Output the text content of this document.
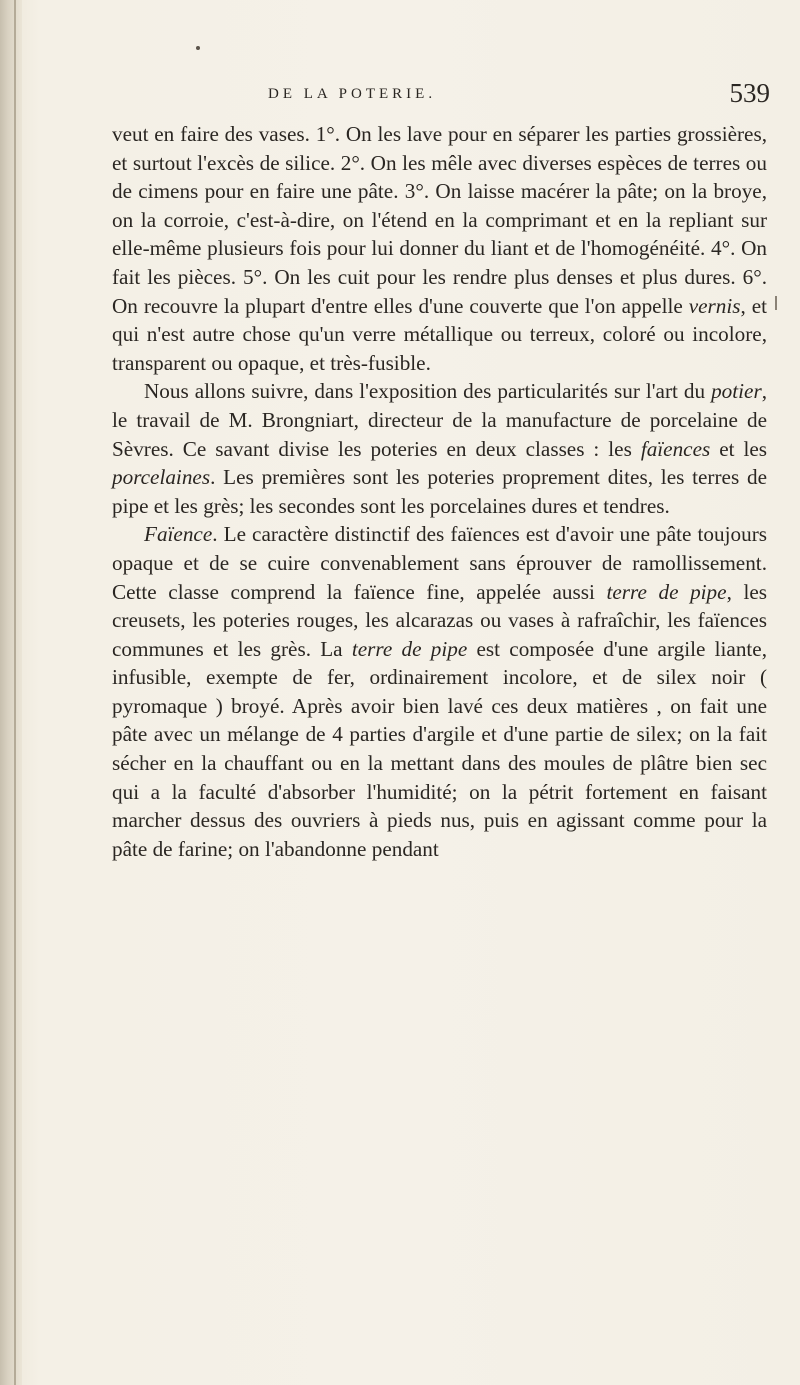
DE LA POTERIE.	539

veut en faire des vases. 1°. On les lave pour en séparer les parties grossières, et surtout l'excès de silice. 2°. On les mêle avec diverses espèces de terres ou de cimens pour en faire une pâte. 3°. On laisse macérer la pâte; on la broye, on la corroie, c'est-à-dire, on l'étend en la comprimant et en la repliant sur elle-même plusieurs fois pour lui donner du liant et de l'homogénéité. 4°. On fait les pièces. 5°. On les cuit pour les rendre plus denses et plus dures. 6°. On recouvre la plupart d'entre elles d'une couverte que l'on appelle vernis, et qui n'est autre chose qu'un verre métallique ou terreux, coloré ou incolore, transparent ou opaque, et très-fusible.

Nous allons suivre, dans l'exposition des particularités sur l'art du potier, le travail de M. Brongniart, directeur de la manufacture de porcelaine de Sèvres. Ce savant divise les poteries en deux classes : les faïences et les porcelaines. Les premières sont les poteries proprement dites, les terres de pipe et les grès; les secondes sont les porcelaines dures et tendres.

Faïence. Le caractère distinctif des faïences est d'avoir une pâte toujours opaque et de se cuire convenablement sans éprouver de ramollissement. Cette classe comprend la faïence fine, appelée aussi terre de pipe, les creusets, les poteries rouges, les alcarazas ou vases à rafraîchir, les faïences communes et les grès. La terre de pipe est composée d'une argile liante, infusible, exempte de fer, ordinairement incolore, et de silex noir ( pyromaque ) broyé. Après avoir bien lavé ces deux matières , on fait une pâte avec un mélange de 4 parties d'argile et d'une partie de silex; on la fait sécher en la chauffant ou en la mettant dans des moules de plâtre bien sec qui a la faculté d'absorber l'humidité; on la pétrit fortement en faisant marcher dessus des ouvriers à pieds nus, puis en agissant comme pour la pâte de farine; on l'abandonne pendant
